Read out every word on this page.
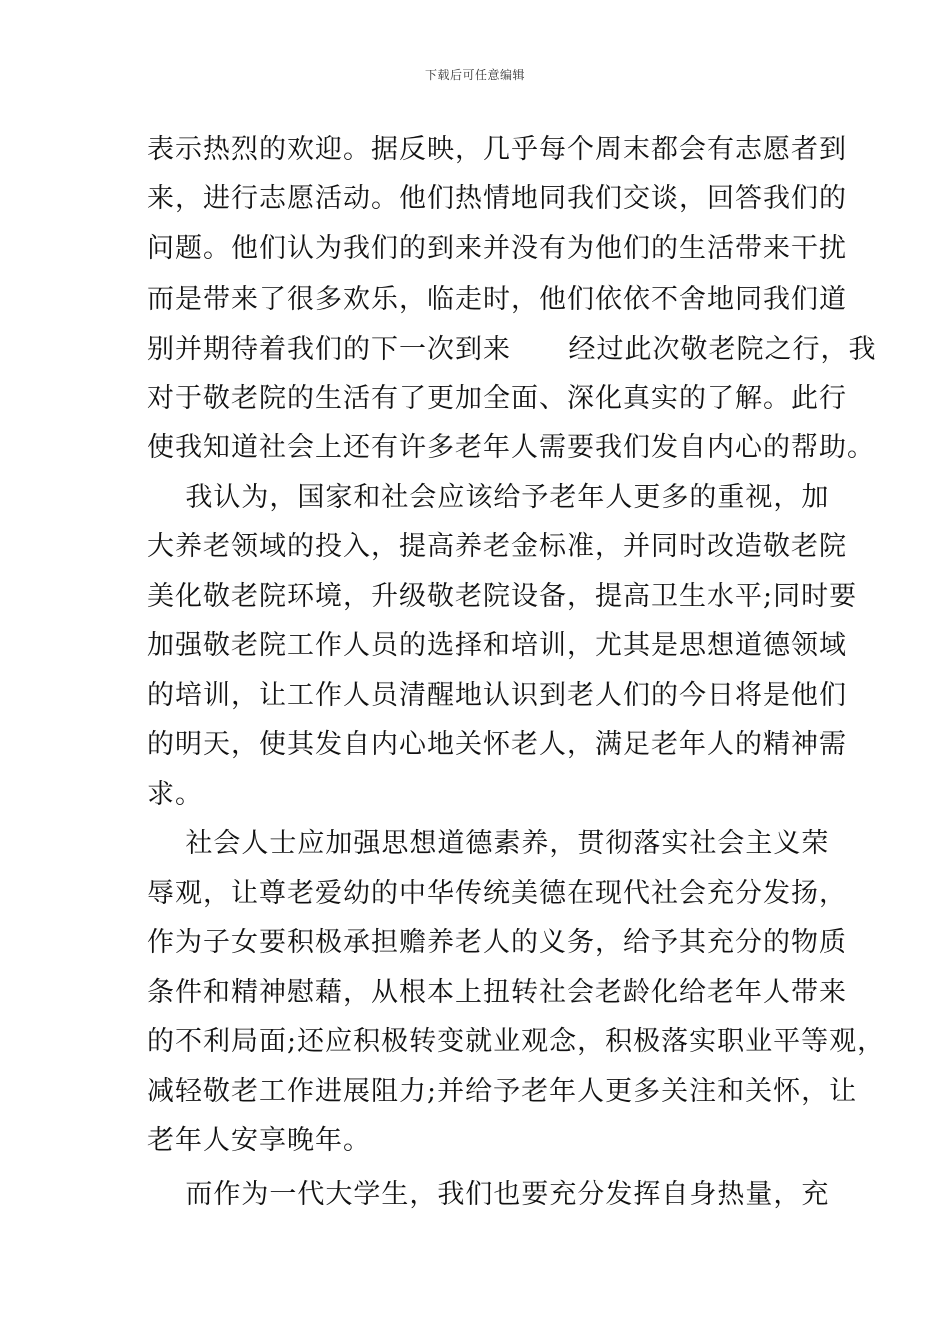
下载后可任意编辑
表示热烈的欢迎。据反映，几乎每个周末都会有志愿者到
来，进行志愿活动。他们热情地同我们交谈，回答我们的
问题。他们认为我们的到来并没有为他们的生活带来干扰
而是带来了很多欢乐，临走时，他们依依不舍地同我们道
别并期待着我们的下一次到来      经过此次敬老院之行，我
对于敬老院的生活有了更加全面、深化真实的了解。此行
使我知道社会上还有许多老年人需要我们发自内心的帮助。
我认为，国家和社会应该给予老年人更多的重视，加
大养老领域的投入，提高养老金标准，并同时改造敬老院
美化敬老院环境，升级敬老院设备，提高卫生水平;同时要
加强敬老院工作人员的选择和培训，尤其是思想道德领域
的培训，让工作人员清醒地认识到老人们的今日将是他们
的明天，使其发自内心地关怀老人，满足老年人的精神需
求。
社会人士应加强思想道德素养，贯彻落实社会主义荣
辱观，让尊老爱幼的中华传统美德在现代社会充分发扬，
作为子女要积极承担赡养老人的义务，给予其充分的物质
条件和精神慰藉，从根本上扭转社会老龄化给老年人带来
的不利局面;还应积极转变就业观念，积极落实职业平等观，
减轻敬老工作进展阻力;并给予老年人更多关注和关怀，让
老年人安享晚年。
而作为一代大学生，我们也要充分发挥自身热量，充
